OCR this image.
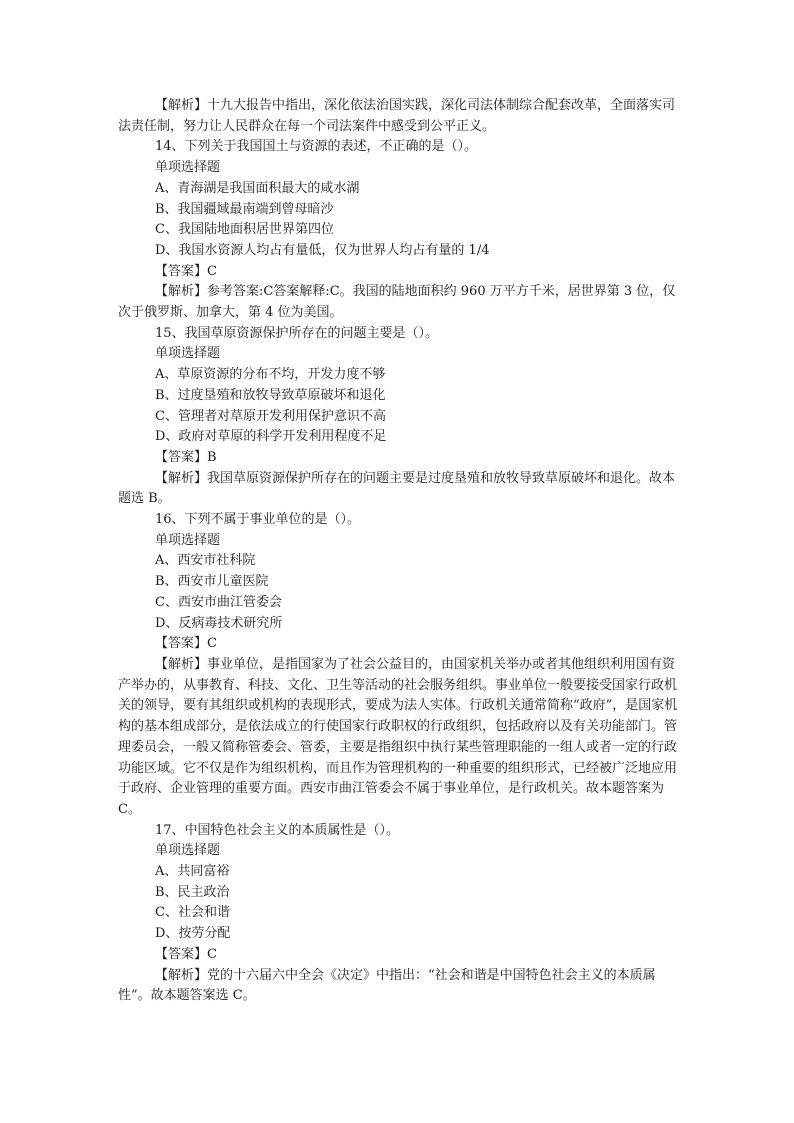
【解析】十九大报告中指出，深化依法治国实践，深化司法体制综合配套改革，全面落实司法责任制，努力让人民群众在每一个司法案件中感受到公平正义。

14、下列关于我国国土与资源的表述，不正确的是（）。

单项选择题

A、青海湖是我国面积最大的咸水湖

B、我国疆域最南端到曾母暗沙

C、我国陆地面积居世界第四位

D、我国水资源人均占有量低，仅为世界人均占有量的 1/4

【答案】C

【解析】参考答案:C答案解释:C。我国的陆地面积约 960 万平方千米，居世界第 3 位，仅次于俄罗斯、加拿大，第 4 位为美国。

15、我国草原资源保护所存在的问题主要是（）。

单项选择题

A、草原资源的分布不均，开发力度不够

B、过度垦殖和放牧导致草原破坏和退化

C、管理者对草原开发利用保护意识不高

D、政府对草原的科学开发利用程度不足

【答案】B

【解析】我国草原资源保护所存在的问题主要是过度垦殖和放牧导致草原破坏和退化。故本题选 B。

16、下列不属于事业单位的是（）。

单项选择题

A、西安市社科院

B、西安市儿童医院

C、西安市曲江管委会

D、反病毒技术研究所

【答案】C

【解析】事业单位，是指国家为了社会公益目的，由国家机关举办或者其他组织利用国有资产举办的，从事教育、科技、文化、卫生等活动的社会服务组织。事业单位一般要接受国家行政机关的领导，要有其组织或机构的表现形式，要成为法人实体。行政机关通常简称“政府”，是国家机构的基本组成部分，是依法成立的行使国家行政职权的行政组织，包括政府以及有关功能部门。管理委员会，一般又简称管委会、管委，主要是指组织中执行某些管理职能的一组人或者一定的行政功能区域。它不仅是作为组织机构，而且作为管理机构的一种重要的组织形式，已经被广泛地应用于政府、企业管理的重要方面。西安市曲江管委会不属于事业单位，是行政机关。故本题答案为 C。

17、中国特色社会主义的本质属性是（）。

单项选择题

A、共同富裕

B、民主政治

C、社会和谐

D、按劳分配

【答案】C

【解析】党的十六届六中全会《决定》中指出：“社会和谐是中国特色社会主义的本质属性”。故本题答案选 C。
